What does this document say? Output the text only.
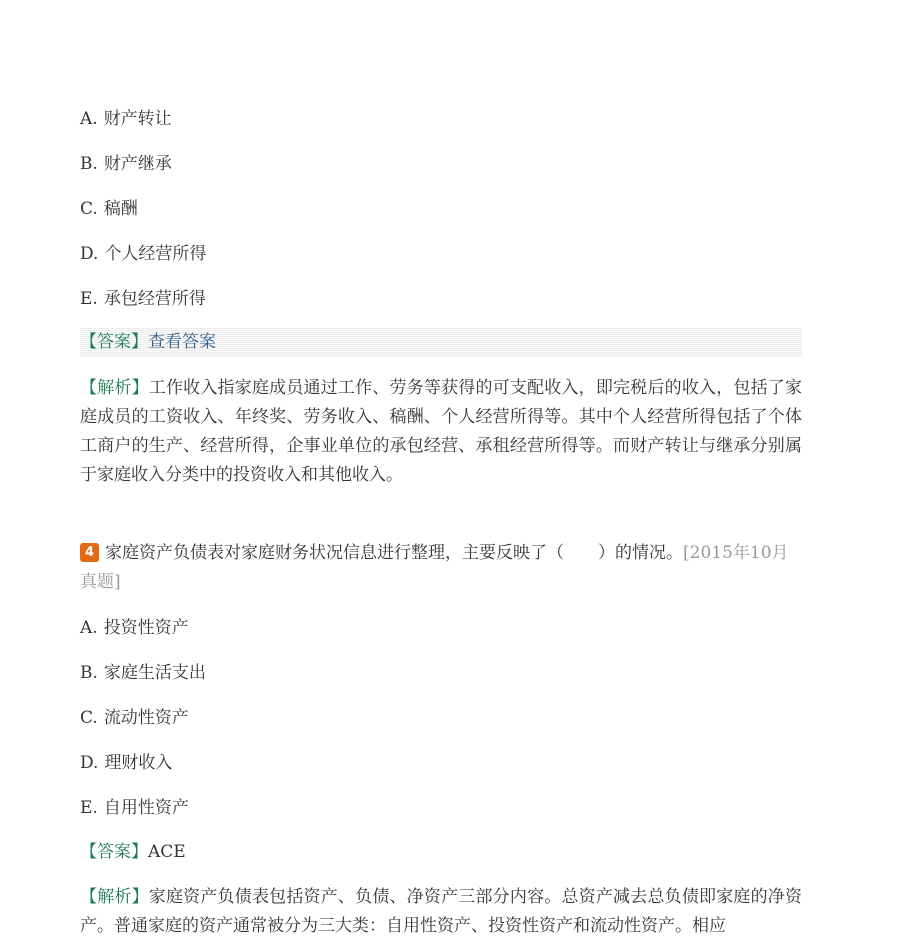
A. 财产转让
B. 财产继承
C. 稿酬
D. 个人经营所得
E. 承包经营所得
【答案】查看答案
【解析】工作收入指家庭成员通过工作、劳务等获得的可支配收入，即完税后的收入，包括了家庭成员的工资收入、年终奖、劳务收入、稿酬、个人经营所得等。其中个人经营所得包括了个体工商户的生产、经营所得，企事业单位的承包经营、承租经营所得等。而财产转让与继承分别属于家庭收入分类中的投资收入和其他收入。
4 家庭资产负债表对家庭财务状况信息进行整理，主要反映了（　　）的情况。[2015年10月真题]
A. 投资性资产
B. 家庭生活支出
C. 流动性资产
D. 理财收入
E. 自用性资产
【答案】ACE
【解析】家庭资产负债表包括资产、负债、净资产三部分内容。总资产减去总负债即家庭的净资产。普通家庭的资产通常被分为三大类：自用性资产、投资性资产和流动性资产。相应
